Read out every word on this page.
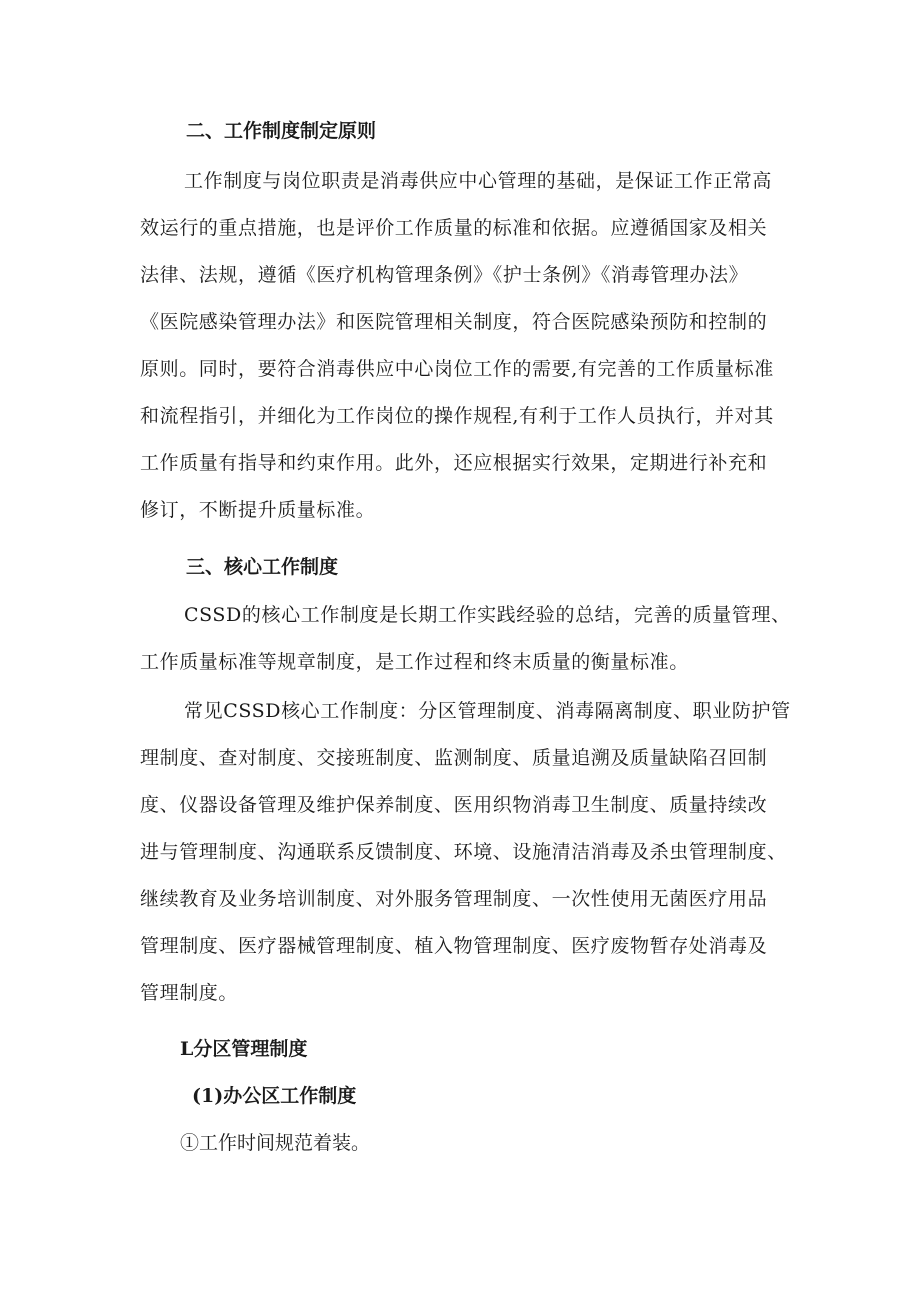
二、工作制度制定原则
工作制度与岗位职责是消毒供应中心管理的基础，是保证工作正常高
效运行的重点措施，也是评价工作质量的标准和依据。应遵循国家及相关
法律、法规，遵循《医疗机构管理条例》《护士条例》《消毒管理办法》
《医院感染管理办法》和医院管理相关制度，符合医院感染预防和控制的
原则。同时，要符合消毒供应中心岗位工作的需要,有完善的工作质量标准
和流程指引，并细化为工作岗位的操作规程,有利于工作人员执行，并对其
工作质量有指导和约束作用。此外，还应根据实行效果，定期进行补充和
修订，不断提升质量标准。
三、核心工作制度
CSSD的核心工作制度是长期工作实践经验的总结，完善的质量管理、
工作质量标准等规章制度，是工作过程和终末质量的衡量标准。
常见CSSD核心工作制度：分区管理制度、消毒隔离制度、职业防护管
理制度、查对制度、交接班制度、监测制度、质量追溯及质量缺陷召回制
度、仪器设备管理及维护保养制度、医用织物消毒卫生制度、质量持续改
进与管理制度、沟通联系反馈制度、环境、设施清洁消毒及杀虫管理制度、
继续教育及业务培训制度、对外服务管理制度、一次性使用无菌医疗用品
管理制度、医疗器械管理制度、植入物管理制度、医疗废物暂存处消毒及
管理制度。
L分区管理制度
(1)办公区工作制度
①工作时间规范着装。
